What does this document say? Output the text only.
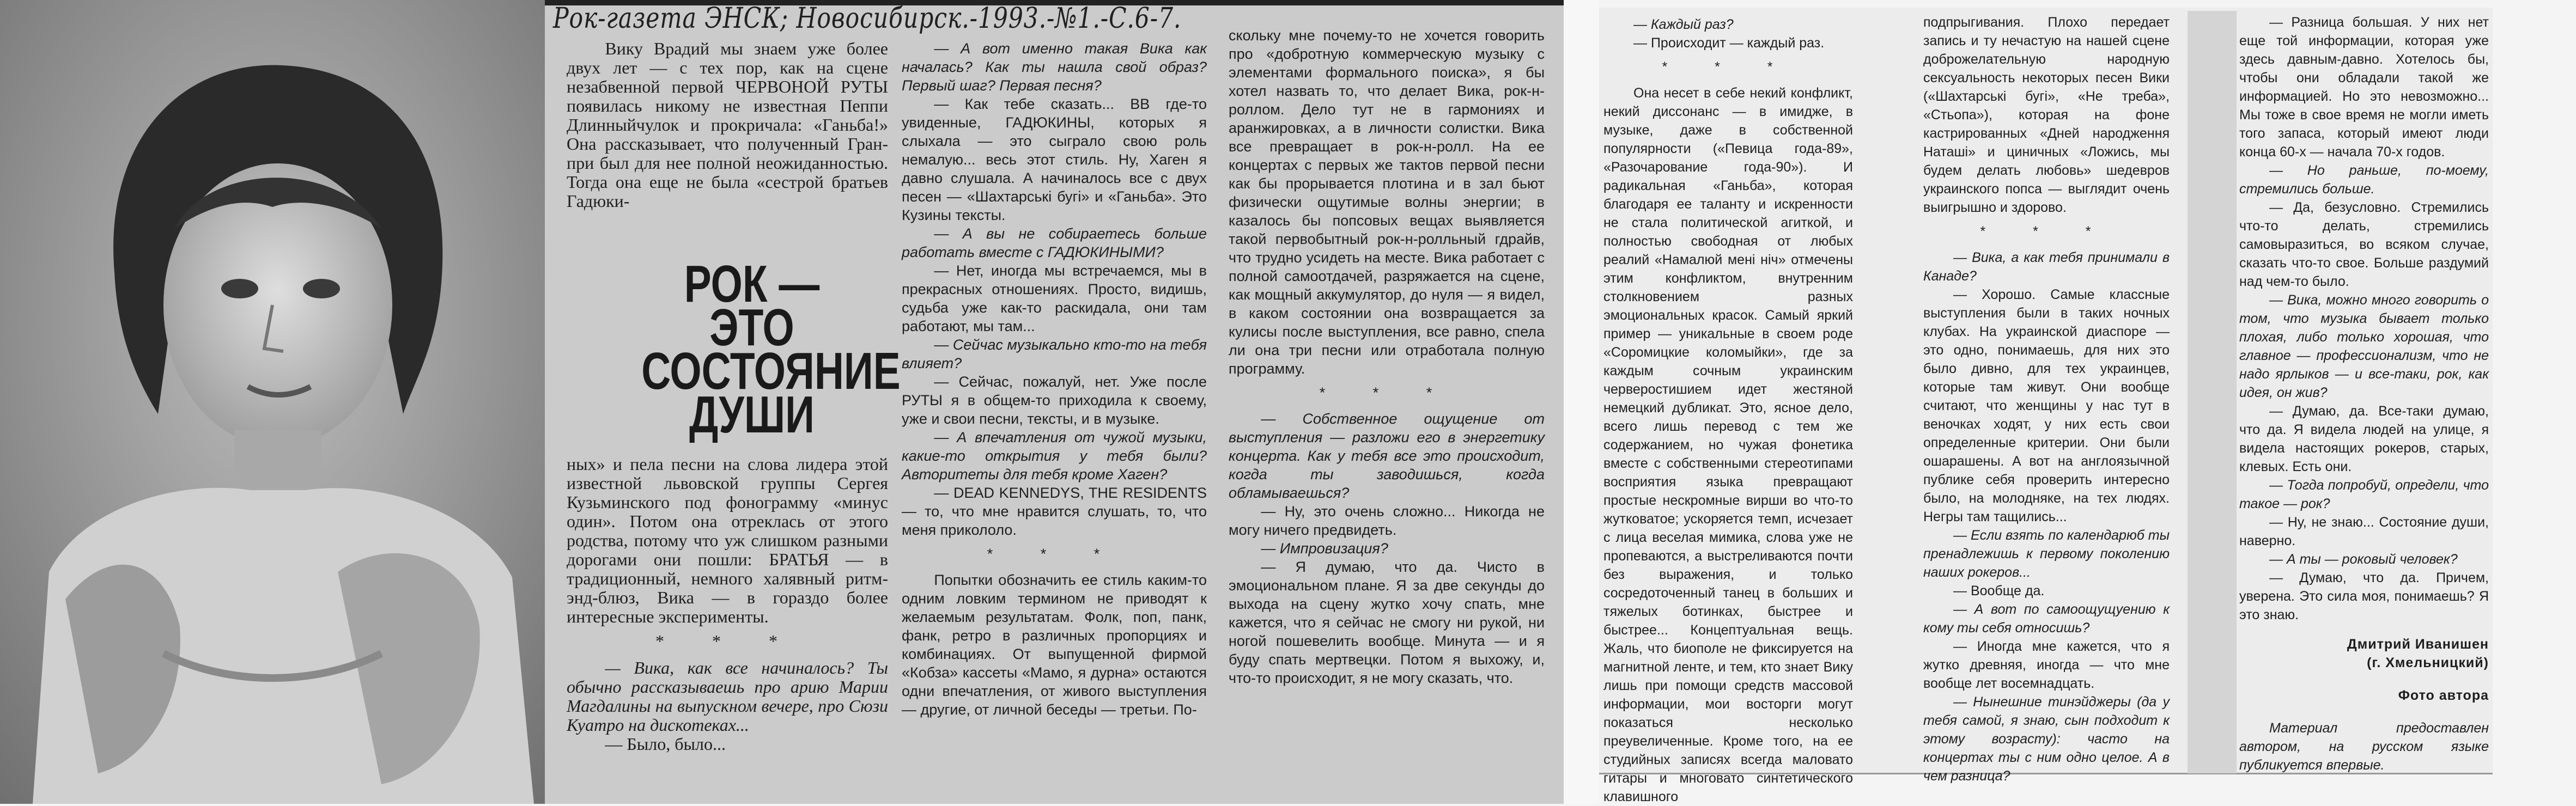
Рок-газета ЭНСК; Новосибирск.-1993.-№1.-С.6-7.

Вику Врадий мы знаем уже более двух лет — с тех пор, как на сцене незабвенной первой ЧЕРВОНОЙ РУТЫ появилась никому не известная Пеппи Длинныйчулок и прокричала: «Ганьба!» Она рассказывает, что полученный Гран-при был для нее полной неожиданностью. Тогда она еще не была «сестрой братьев Гадюки-

РОК —
ЭТО
СОСТОЯНИЕ
ДУШИ

ных» и пела песни на слова лидера этой известной львовской группы Сергея Кузьминского под фонограмму «минус один». Потом она отреклась от этого родства, потому что уж слишком разными дорогами они пошли: БРАТЬЯ — в традиционный, немного халявный ритм-энд-блюз, Вика — в гораздо более интересные эксперименты.

* * *

— Вика, как все начиналось? Ты обычно рассказываешь про арию Марии Магдалины на выпускном вечере, про Сюзи Куатро на дискотеках...

— Было, было...

— А вот именно такая Вика как началась? Как ты нашла свой образ? Первый шаг? Первая песня?

— Как тебе сказать... ВВ где-то увиденные, ГАДЮКИНЫ, которых я слыхала — это сыграло свою роль немалую... весь этот стиль. Ну, Хаген я давно слушала. А начиналось все с двух песен — «Шахтарські бугі» и «Ганьба». Это Кузины тексты.

— А вы не собираетесь больше работать вместе с ГАДЮКИНЫМИ?

— Нет, иногда мы встречаемся, мы в прекрасных отношениях. Просто, видишь, судьба уже как-то раскидала, они там работают, мы там...

— Сейчас музыкально кто-то на тебя влияет?

— Сейчас, пожалуй, нет. Уже после РУТЫ я в общем-то приходила к своему, уже и свои песни, тексты, и в музыке.

— А впечатления от чужой музыки, какие-то открытия у тебя были? Авторитеты для тебя кроме Хаген?

— DEAD KENNEDYS, THE RESIDENTS — то, что мне нравится слушать, то, что меня прикололо.

* * *

Попытки обозначить ее стиль каким-то одним ловким термином не приводят к желаемым результатам. Фолк, поп, панк, фанк, ретро в различных пропорциях и комбинациях. От выпущенной фирмой «Кобза» кассеты «Мамо, я дурна» остаются одни впечатления, от живого выступления — другие, от личной беседы — третьи. По-

скольку мне почему-то не хочется говорить про «добротную коммерческую музыку с элементами формального поиска», я бы хотел назвать то, что делает Вика, рок-н-роллом. Дело тут не в гармониях и аранжировках, а в личности солистки. Вика все превращает в рок-н-ролл. На ее концертах с первых же тактов первой песни как бы прорывается плотина и в зал бьют физически ощутимые волны энергии; в казалось бы попсовых вещах выявляется такой первобытный рок-н-ролльный гдрайв, что трудно усидеть на месте. Вика работает с полной самоотдачей, разряжается на сцене, как мощный аккумулятор, до нуля — я видел, в каком состоянии она возвращается за кулисы после выступления, все равно, спела ли она три песни или отработала полную программу.

* * *

— Собственное ощущение от выступления — разложи его в энергетику концерта. Как у тебя все это происходит, когда ты заводишься, когда обламываешься?

— Ну, это очень сложно... Никогда не могу ничего предвидеть.

— Импровизация?

— Я думаю, что да. Чисто в эмоциональном плане. Я за две секунды до выхода на сцену жутко хочу спать, мне кажется, что я сейчас не смогу ни рукой, ни ногой пошевелить вообще. Минута — и я буду спать мертвецки. Потом я выхожу, и, что-то происходит, я не могу сказать, что.

— Каждый раз?

— Происходит — каждый раз.

* * *

Она несет в себе некий конфликт, некий диссонанс — в имидже, в музыке, даже в собственной популярности («Певица года-89», «Разочарование года-90»). И радикальная «Ганьба», которая благодаря ее таланту и искренности не стала политической агиткой, и полностью свободная от любых реалий «Намалюй мені ніч» отмечены этим конфликтом, внутренним столкновением разных эмоциональных красок. Самый яркий пример — уникальные в своем роде «Соромицкие коломыйки», где за каждым сочным украинским черверостишием идет жестяной немецкий дубликат. Это, ясное дело, всего лишь перевод с тем же содержанием, но чужая фонетика вместе с собственными стереотипами восприятия языка превращают простые нескромные вирши во что-то жутковатое; ускоряется темп, исчезает с лица веселая мимика, слова уже не пропеваются, а выстреливаются почти без выражения, и только сосредоточенный танец в больших и тяжелых ботинках, быстрее и быстрее... Концептуальная вещь. Жаль, что биополе не фиксируется на магнитной ленте, и тем, кто знает Вику лишь при помощи средств массовой информации, мои восторги могут показаться несколько преувеличенные. Кроме того, на ее студийных записях всегда маловато гитары и многовато синтетического клавишного

подпрыгивания. Плохо передает запись и ту нечастую на нашей сцене доброжелательную народную сексуальность некоторых песен Вики («Шахтарські бугі», «Не треба», «Стьопа»), которая на фоне кастрированных «Дней народження Наташі» и циничных «Ложись, мы будем делать любовь» шедевров украинского попса — выглядит очень выигрышно и здорово.

* * *

— Вика, а как тебя принимали в Канаде?

— Хорошо. Самые классные выступления были в таких ночных клубах. На украинской диаспоре — это одно, понимаешь, для них это было дивно, для тех украинцев, которые там живут. Они вообще считают, что женщины у нас тут в веночках ходят, у них есть свои определенные критерии. Они были ошарашены. А вот на англоязычной публике себя проверить интересно было, на молодняке, на тех людях. Негры там тащились...

— Если взять по календарюб ты пренадлежишь к первому поколению наших рокеров...

— Вообще да.

— А вот по самоощущуению к кому ты себя относишь?

— Иногда мне кажется, что я жутко древняя, иногда — что мне вообще лет восемнадцать.

— Нынешние тинэйджеры (да у тебя самой, я знаю, сын подходит к этому возрасту): часто на концертах ты с ним одно целое. А в чем разница?

— Разница большая. У них нет еще той информации, которая уже здесь давным-давно. Хотелось бы, чтобы они обладали такой же информацией. Но это невозможно... Мы тоже в свое время не могли иметь того запаса, который имеют люди конца 60-х — начала 70-х годов.

— Но раньше, по-моему, стремились больше.

— Да, безусловно. Стремились что-то делать, стремились самовыразиться, во всяком случае, сказать что-то свое. Больше раздумий над чем-то было.

— Вика, можно много говорить о том, что музыка бывает только плохая, либо только хорошая, что главное — профессионализм, что не надо ярлыков — и все-таки, рок, как идея, он жив?

— Думаю, да. Все-таки думаю, что да. Я видела людей на улице, я видела настоящих рокеров, старых, клевых. Есть они.

— Тогда попробуй, определи, что такое — рок?

— Ну, не знаю... Состояние души, наверно.

— А ты — роковый человек?

— Думаю, что да. Причем, уверена. Это сила моя, понимаешь? Я это знаю.

Дмитрий Иванишен

(г. Хмельницкий)

Фото автора

Материал предоставлен автором, на русском языке публикуется впервые.
